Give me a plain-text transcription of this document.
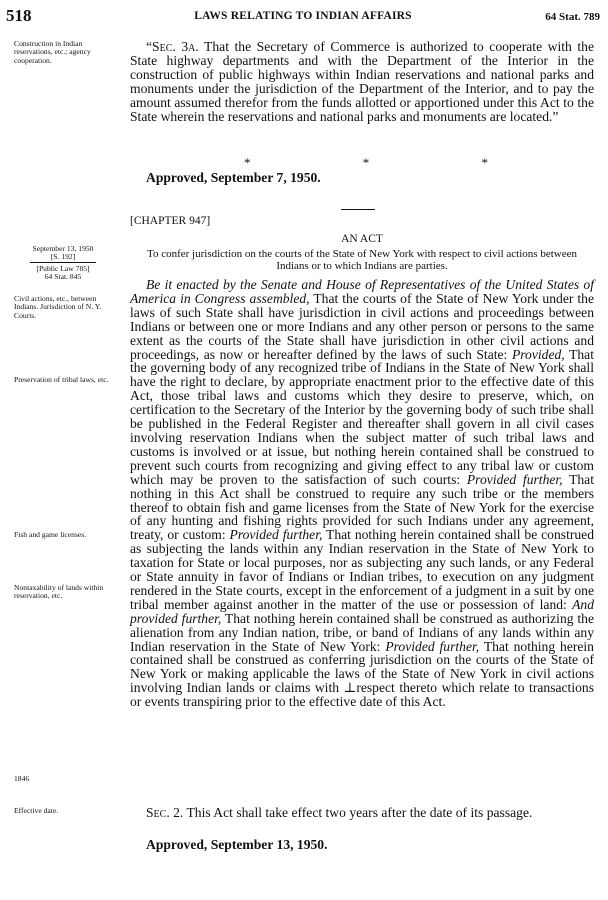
518	LAWS RELATING TO INDIAN AFFAIRS	64 Stat. 789
Construction in Indian reservations, etc.; agency cooperation.
September 13, 1950
[S. 192]
[Public Law 785]
64 Stat. 845
Civil actions, etc., between Indians. Jurisdiction of N. Y. Courts.
Preservation of tribal laws, etc.
Fish and game licenses.
Nontaxability of lands within reservation, etc.
1846
Effective date.
“Sec. 3a. That the Secretary of Commerce is authorized to cooperate with the State highway departments and with the Department of the Interior in the construction of public highways within Indian reservations and national parks and monuments under the jurisdiction of the Department of the Interior, and to pay the amount assumed therefor from the funds allotted or apportioned under this Act to the State wherein the reservations and national parks and monuments are located.”
*	*	*
Approved, September 7, 1950.
[CHAPTER 947]
AN ACT
To confer jurisdiction on the courts of the State of New York with respect to civil actions between Indians or to which Indians are parties.
Be it enacted by the Senate and House of Representatives of the United States of America in Congress assembled, That the courts of the State of New York under the laws of such State shall have jurisdiction in civil actions and proceedings between Indians or between one or more Indians and any other person or persons to the same extent as the courts of the State shall have jurisdiction in other civil actions and proceedings, as now or hereafter defined by the laws of such State: Provided, That the governing body of any recognized tribe of Indians in the State of New York shall have the right to declare, by appropriate enactment prior to the effective date of this Act, those tribal laws and customs which they desire to preserve, which, on certification to the Secretary of the Interior by the governing body of such tribe shall be published in the Federal Register and thereafter shall govern in all civil cases involving reservation Indians when the subject matter of such tribal laws and customs is involved or at issue, but nothing herein contained shall be construed to prevent such courts from recognizing and giving effect to any tribal law or custom which may be proven to the satisfaction of such courts: Provided further, That nothing in this Act shall be construed to require any such tribe or the members thereof to obtain fish and game licenses from the State of New York for the exercise of any hunting and fishing rights provided for such Indians under any agreement, treaty, or custom: Provided further, That nothing herein contained shall be construed as subjecting the lands within any Indian reservation in the State of New York to taxation for State or local purposes, nor as subjecting any such lands, or any Federal or State annuity in favor of Indians or Indian tribes, to execution on any judgment rendered in the State courts, except in the enforcement of a judgment in a suit by one tribal member against another in the matter of the use or possession of land: And provided further, That nothing herein contained shall be construed as authorizing the alienation from any Indian nation, tribe, or band of Indians of any lands within any Indian reservation in the State of New York: Provided further, That nothing herein contained shall be construed as conferring jurisdiction on the courts of the State of New York or making applicable the laws of the State of New York in civil actions involving Indian lands or claims with ⊥respect thereto which relate to transactions or events transpiring prior to the effective date of this Act.
Sec. 2. This Act shall take effect two years after the date of its passage.
Approved, September 13, 1950.
